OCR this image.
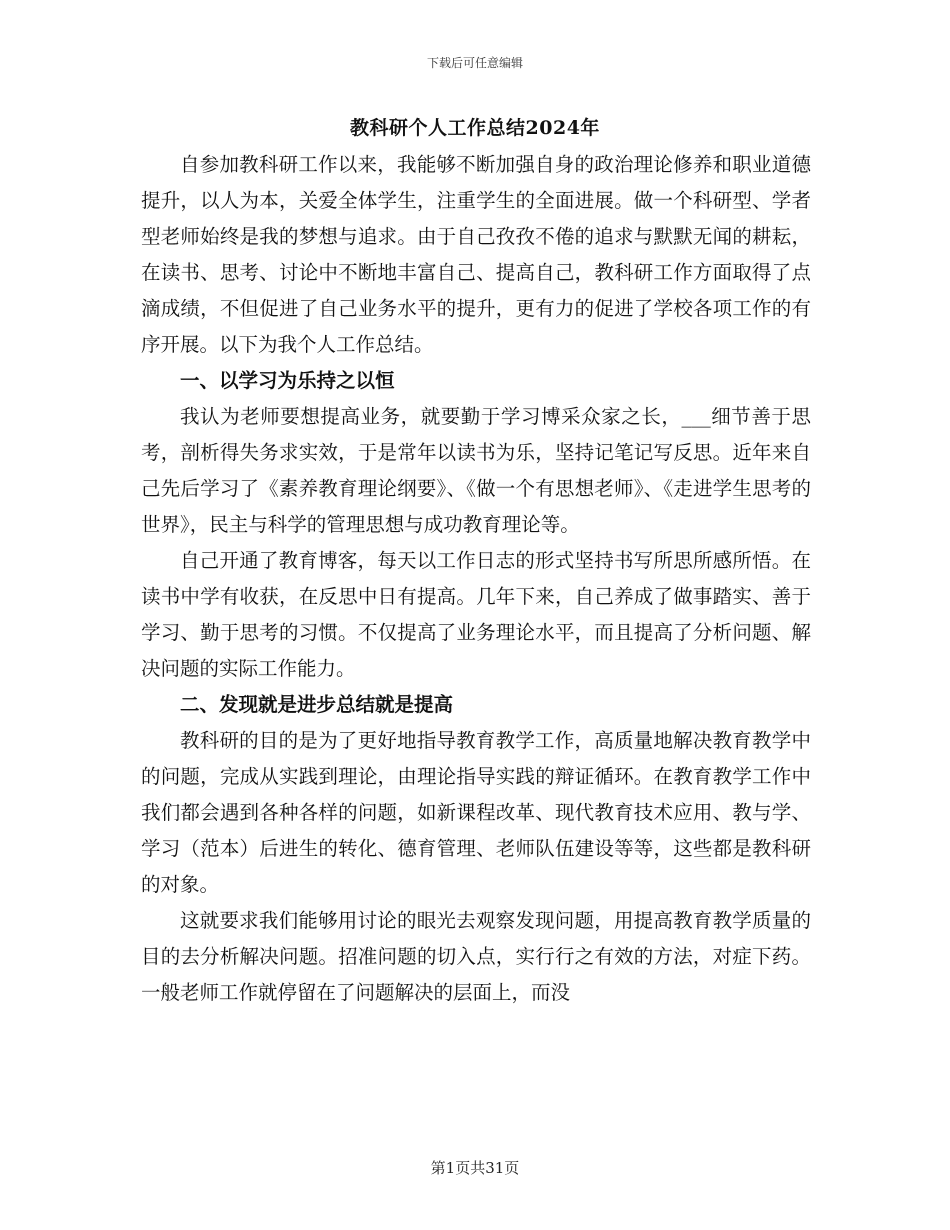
下载后可任意编辑
教科研个人工作总结2024年

自参加教科研工作以来，我能够不断加强自身的政治理论修养和职业道德提升，以人为本，关爱全体学生，注重学生的全面进展。做一个科研型、学者型老师始终是我的梦想与追求。由于自己孜孜不倦的追求与默默无闻的耕耘，在读书、思考、讨论中不断地丰富自己、提高自己，教科研工作方面取得了点滴成绩，不但促进了自己业务水平的提升，更有力的促进了学校各项工作的有序开展。以下为我个人工作总结。

一、以学习为乐持之以恒

我认为老师要想提高业务，就要勤于学习博采众家之长，___细节善于思考，剖析得失务求实效，于是常年以读书为乐，坚持记笔记写反思。近年来自己先后学习了《素养教育理论纲要》、《做一个有思想老师》、《走进学生思考的世界》，民主与科学的管理思想与成功教育理论等。

自己开通了教育博客，每天以工作日志的形式坚持书写所思所感所悟。在读书中学有收获，在反思中日有提高。几年下来，自己养成了做事踏实、善于学习、勤于思考的习惯。不仅提高了业务理论水平，而且提高了分析问题、解决问题的实际工作能力。

二、发现就是进步总结就是提高

教科研的目的是为了更好地指导教育教学工作，高质量地解决教育教学中的问题，完成从实践到理论，由理论指导实践的辩证循环。在教育教学工作中我们都会遇到各种各样的问题，如新课程改革、现代教育技术应用、教与学、学习（范本）后进生的转化、德育管理、老师队伍建设等等，这些都是教科研的对象。

这就要求我们能够用讨论的眼光去观察发现问题，用提高教育教学质量的目的去分析解决问题。招准问题的切入点，实行行之有效的方法，对症下药。一般老师工作就停留在了问题解决的层面上，而没

第1页共31页
